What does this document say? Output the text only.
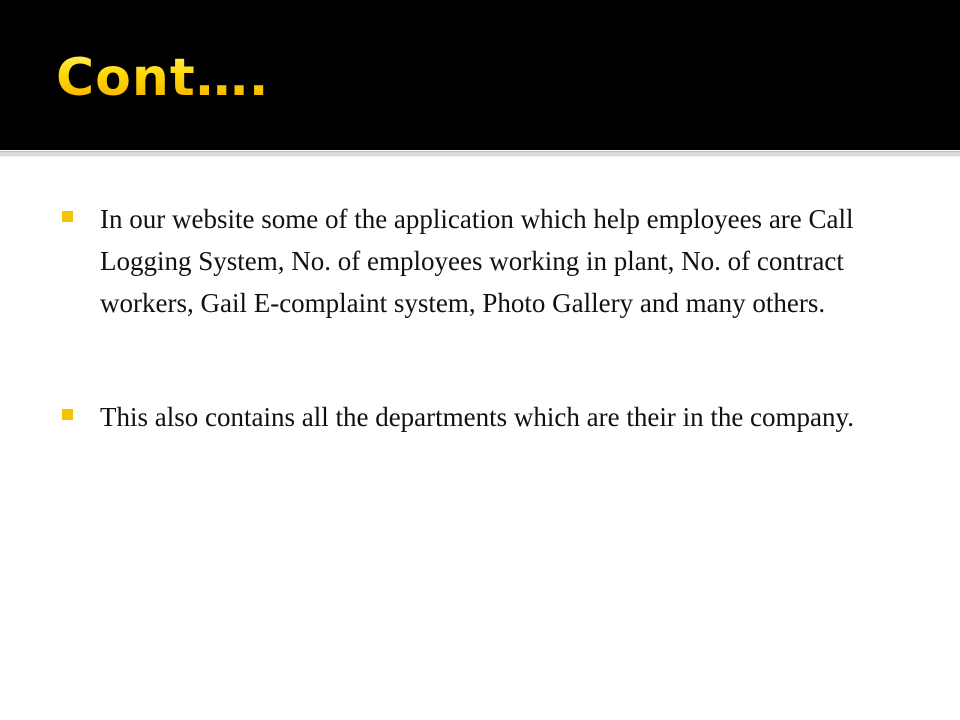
Cont….
In our website some of the application which help employees are Call Logging System, No. of employees working in plant, No. of contract workers, Gail E-complaint system, Photo Gallery and many others.
This also contains all the departments which are their in the company.
